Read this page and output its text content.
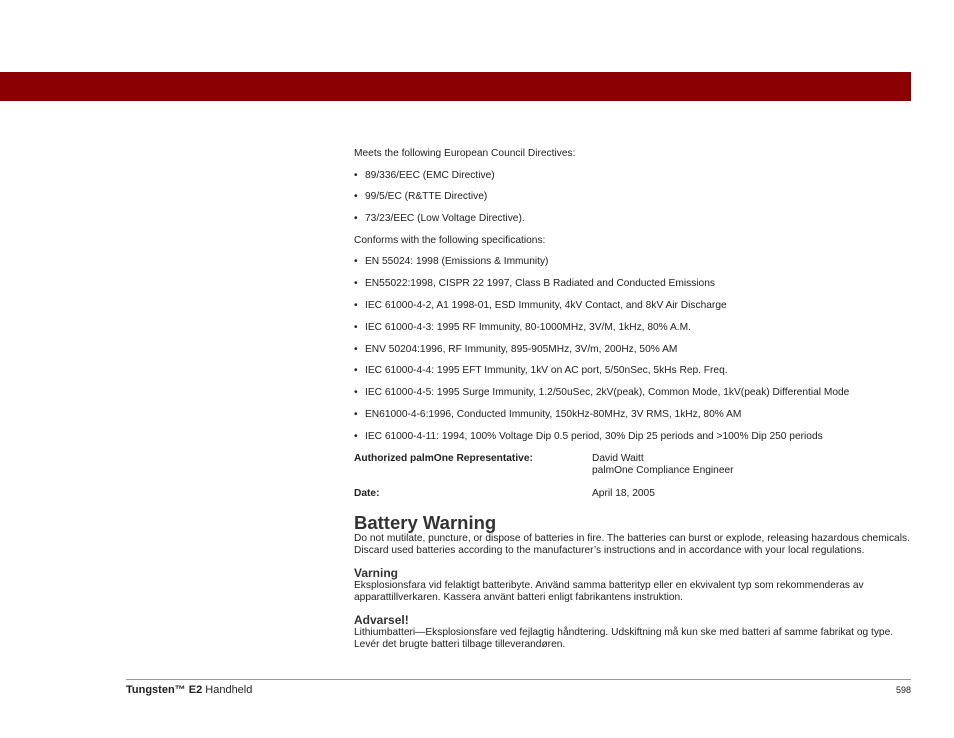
Meets the following European Council Directives:

• 89/336/EEC (EMC Directive)
• 99/5/EC (R&TTE Directive)
• 73/23/EEC (Low Voltage Directive).

Conforms with the following specifications:

• EN 55024: 1998 (Emissions & Immunity)
• EN55022:1998, CISPR 22 1997, Class B Radiated and Conducted Emissions
• IEC 61000-4-2, A1 1998-01, ESD Immunity, 4kV Contact, and 8kV Air Discharge
• IEC 61000-4-3: 1995 RF Immunity, 80-1000MHz, 3V/M, 1kHz, 80% A.M.
• ENV 50204:1996, RF Immunity, 895-905MHz, 3V/m, 200Hz, 50% AM
• IEC 61000-4-4: 1995 EFT Immunity, 1kV on AC port, 5/50nSec, 5kHs Rep. Freq.
• IEC 61000-4-5: 1995 Surge Immunity, 1.2/50uSec, 2kV(peak), Common Mode, 1kV(peak) Differential Mode
• EN61000-4-6:1996, Conducted Immunity, 150kHz-80MHz, 3V RMS, 1kHz, 80% AM
• IEC 61000-4-11: 1994, 100% Voltage Dip 0.5 period, 30% Dip 25 periods and >100% Dip 250 periods
Authorized palmOne Representative:	David Waitt
palmOne Compliance Engineer
Date:	April 18, 2005
Battery Warning

Do not mutilate, puncture, or dispose of batteries in fire. The batteries can burst or explode, releasing hazardous chemicals. Discard used batteries according to the manufacturer’s instructions and in accordance with your local regulations.

Varning

Eksplosionsfara vid felaktigt batteribyte. Använd samma batterityp eller en ekvivalent typ som rekommenderas av apparattillverkaren. Kassera använt batteri enligt fabrikantens instruktion.

Advarsel!

Lithiumbatteri—Eksplosionsfare ved fejlagtig håndtering. Udskiftning må kun ske med batteri af samme fabrikat og type. Levér det brugte batteri tilbage tilleverandøren.

Tungsten™ E2 Handheld	598
